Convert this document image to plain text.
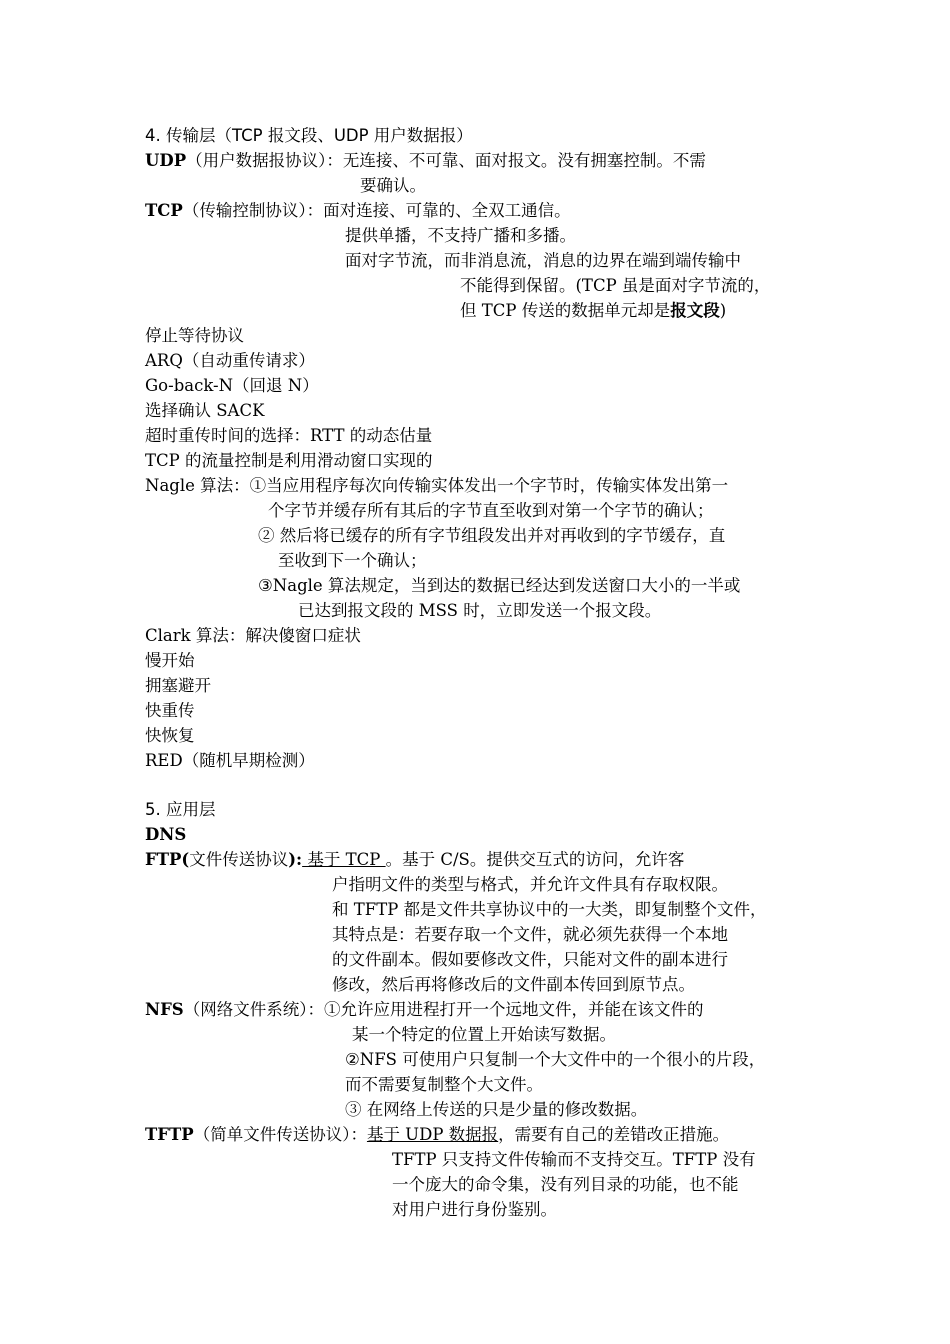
4. 传输层（TCP 报文段、UDP 用户数据报）
UDP（用户数据报协议）：无连接、不可靠、面对报文。没有拥塞控制。不需
要确认。
TCP（传输控制协议）：面对连接、可靠的、全双工通信。
提供单播，不支持广播和多播。
面对字节流，而非消息流，消息的边界在端到端传输中
不能得到保留。(TCP 虽是面对字节流的，
但 TCP 传送的数据单元却是报文段)
停止等待协议
ARQ（自动重传请求）
Go-back-N（回退 N）
选择确认 SACK
超时重传时间的选择：RTT 的动态估量
TCP 的流量控制是利用滑动窗口实现的
Nagle 算法：①当应用程序每次向传输实体发出一个字节时，传输实体发出第一
个字节并缓存所有其后的字节直至收到对第一个字节的确认；
② 然后将已缓存的所有字节组段发出并对再收到的字节缓存，直
至收到下一个确认；
③Nagle 算法规定，当到达的数据已经达到发送窗口大小的一半或
已达到报文段的 MSS 时，立即发送一个报文段。
Clark 算法：解决傻窗口症状
慢开始
拥塞避开
快重传
快恢复
RED（随机早期检测）
5. 应用层
DNS
FTP(文件传送协议): 基于 TCP 。基于 C/S。提供交互式的访问，允许客
户指明文件的类型与格式，并允许文件具有存取权限。
和 TFTP 都是文件共享协议中的一大类，即复制整个文件，
其特点是：若要存取一个文件，就必须先获得一个本地
的文件副本。假如要修改文件，只能对文件的副本进行
修改，然后再将修改后的文件副本传回到原节点。
NFS（网络文件系统）：①允许应用进程打开一个远地文件，并能在该文件的
某一个特定的位置上开始读写数据。
②NFS 可使用户只复制一个大文件中的一个很小的片段，
而不需要复制整个大文件。
③ 在网络上传送的只是少量的修改数据。
TFTP（简单文件传送协议）：基于 UDP 数据报，需要有自己的差错改正措施。
TFTP 只支持文件传输而不支持交互。TFTP 没有
一个庞大的命令集，没有列目录的功能，也不能
对用户进行身份鉴别。
